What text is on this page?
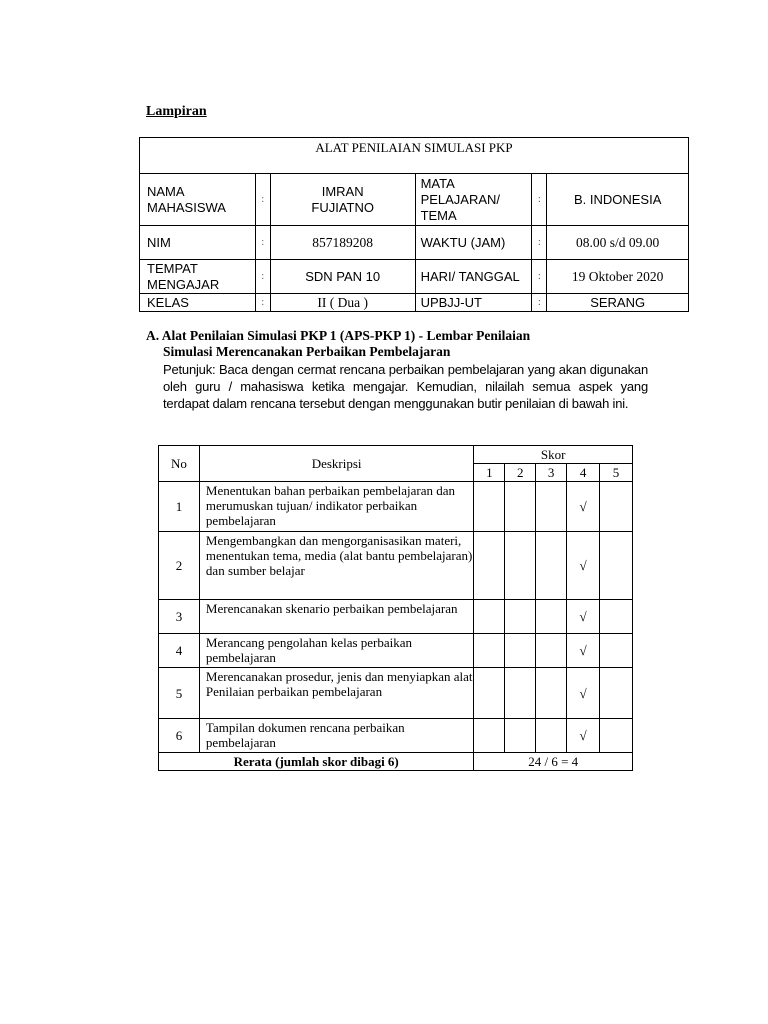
Lampiran
ALAT PENILAIAN SIMULASI PKP					
NAMA MAHASISWA	:	IMRAN FUJIATNO	MATA PELAJARAN/ TEMA	:	B. INDONESIA
NIM	:	857189208	WAKTU (JAM)	:	08.00 s/d 09.00
TEMPAT MENGAJAR	:	SDN PAN 10	HARI/ TANGGAL	:	19 Oktober 2020
KELAS	:	II ( Dua )	UPBJJ-UT	:	SERANG
A. Alat Penilaian Simulasi PKP 1 (APS-PKP 1) - Lembar Penilaian
Simulasi Merencanakan Perbaikan Pembelajaran
Petunjuk: Baca dengan cermat rencana perbaikan pembelajaran yang akan digunakan oleh guru / mahasiswa ketika mengajar. Kemudian, nilailah semua aspek yang terdapat dalam rencana tersebut dengan menggunakan butir penilaian di bawah ini.
No	Deskripsi	Skor				
		1	2	3	4	5
1	Menentukan bahan perbaikan pembelajaran dan merumuskan tujuan/ indikator perbaikan pembelajaran				√	
2	Mengembangkan dan mengorganisasikan materi, menentukan tema, media (alat bantu pembelajaran) dan sumber belajar				√	
3	Merencanakan skenario perbaikan pembelajaran				√	
4	Merancang pengolahan kelas perbaikan pembelajaran				√	
5	Merencanakan prosedur, jenis dan menyiapkan alat Penilaian perbaikan pembelajaran				√	
6	Tampilan dokumen rencana perbaikan pembelajaran				√	
Rerata (jumlah skor dibagi 6)		24 / 6 = 4				
